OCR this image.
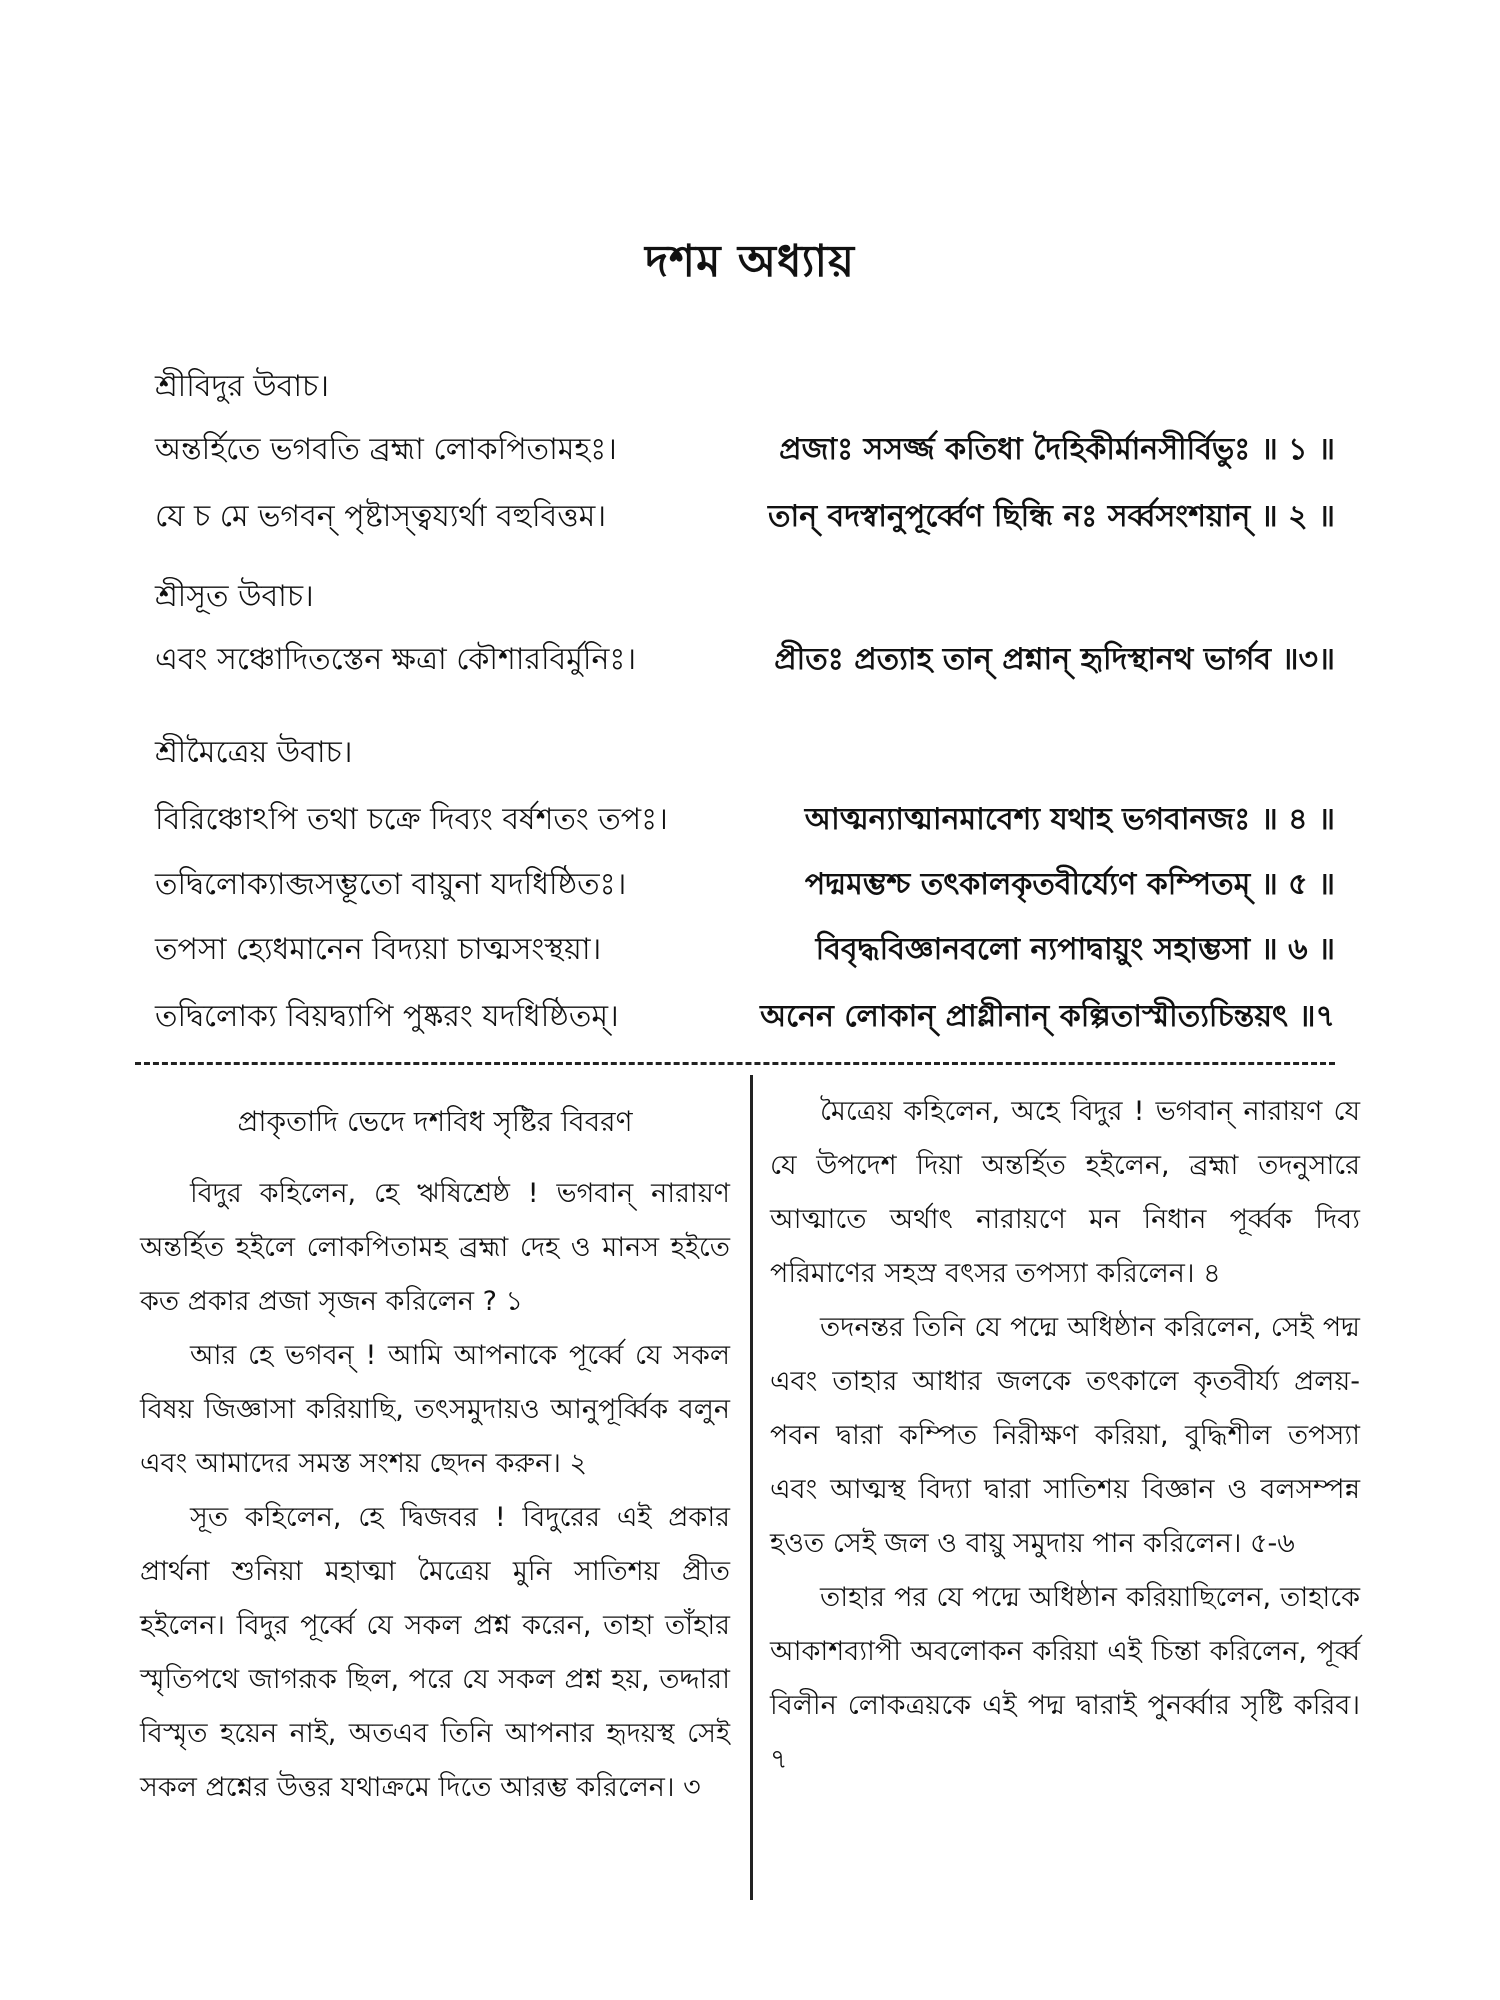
দশম অধ্যায়
শ্রীবিদুর উবাচ।
অন্তর্হিতে ভগবতি ব্রহ্মা লোকপিতামহঃ।	প্রজাঃ সসর্জ্জ কতিধা দৈহিকীর্মানসীর্বিভুঃ ॥ ১ ॥
যে চ মে ভগবন্ পৃষ্টাস্ত্বয্যর্থা বহুবিত্তম।	তান্ বদস্বানুপূর্ব্বেণ ছিন্ধি নঃ সর্ব্বসংশয়ান্ ॥ ২ ॥
শ্রীসূত উবাচ।
এবং সঞ্চোদিতস্তেন ক্ষত্রা কৌশারবির্মুনিঃ।	প্রীতঃ প্রত্যাহ তান্ প্রশ্নান্ হৃদিস্থানথ ভার্গব ॥৩॥
শ্রীমৈত্রেয় উবাচ।
বিরিঞ্চোঽপি তথা চক্রে দিব্যং বর্ষশতং তপঃ।	আত্মন্যাত্মানমাবেশ্য যথাহ ভগবানজঃ ॥ ৪ ॥
তদ্বিলোক্যাব্জসম্ভূতো বায়ুনা যদধিষ্ঠিতঃ।	পদ্মমম্ভশ্চ তৎকালকৃতবীর্য্যেণ কম্পিতম্ ॥ ৫ ॥
তপসা হ্যেধমানেন বিদ্যয়া চাত্মসংস্থয়া।	বিবৃদ্ধবিজ্ঞানবলো ন্যপাদ্বায়ুং সহাম্ভসা ॥ ৬ ॥
তদ্বিলোক্য বিয়দ্ব্যাপি পুষ্করং যদধিষ্ঠিতম্।	অনেন লোকান্ প্রাগ্লীনান্ কল্পিতাস্মীত্যচিন্তয়ৎ ॥৭
প্রাকৃতাদি ভেদে দশবিধ সৃষ্টির বিবরণ

বিদুর কহিলেন, হে ঋষিশ্রেষ্ঠ ! ভগবান্ নারায়ণ অন্তর্হিত হইলে লোকপিতামহ ব্রহ্মা দেহ ও মানস হইতে কত প্রকার প্রজা সৃজন করিলেন ? ১

আর হে ভগবন্ ! আমি আপনাকে পূর্ব্বে যে সকল বিষয় জিজ্ঞাসা করিয়াছি, তৎসমুদায়ও আনুপূর্ব্বিক বলুন এবং আমাদের সমস্ত সংশয় ছেদন করুন। ২

সূত কহিলেন, হে দ্বিজবর ! বিদুরের এই প্রকার প্রার্থনা শুনিয়া মহাত্মা মৈত্রেয় মুনি সাতিশয় প্রীত হইলেন। বিদুর পূর্ব্বে যে সকল প্রশ্ন করেন, তাহা তাঁহার স্মৃতিপথে জাগরূক ছিল, পরে যে সকল প্রশ্ন হয়, তদ্দারা বিস্মৃত হয়েন নাই, অতএব তিনি আপনার হৃদয়স্থ সেই সকল প্রশ্নের উত্তর যথাক্রমে দিতে আরম্ভ করিলেন। ৩

মৈত্রেয় কহিলেন, অহে বিদুর ! ভগবান্ নারায়ণ যে যে উপদেশ দিয়া অন্তর্হিত হইলেন, ব্রহ্মা তদনুসারে আত্মাতে অর্থাৎ নারায়ণে মন নিধান পূর্ব্বক দিব্য পরিমাণের সহস্র বৎসর তপস্যা করিলেন। ৪

তদনন্তর তিনি যে পদ্মে অধিষ্ঠান করিলেন, সেই পদ্ম এবং তাহার আধার জলকে তৎকালে কৃতবীর্য্য প্রলয়-পবন দ্বারা কম্পিত নিরীক্ষণ করিয়া, বুদ্ধিশীল তপস্যা এবং আত্মস্থ বিদ্যা দ্বারা সাতিশয় বিজ্ঞান ও বলসম্পন্ন হওত সেই জল ও বায়ু সমুদায় পান করিলেন। ৫-৬

তাহার পর যে পদ্মে অধিষ্ঠান করিয়াছিলেন, তাহাকে আকাশব্যাপী অবলোকন করিয়া এই চিন্তা করিলেন, পূর্ব্ব বিলীন লোকত্রয়কে এই পদ্ম দ্বারাই পুনর্ব্বার সৃষ্টি করিব। ৭
